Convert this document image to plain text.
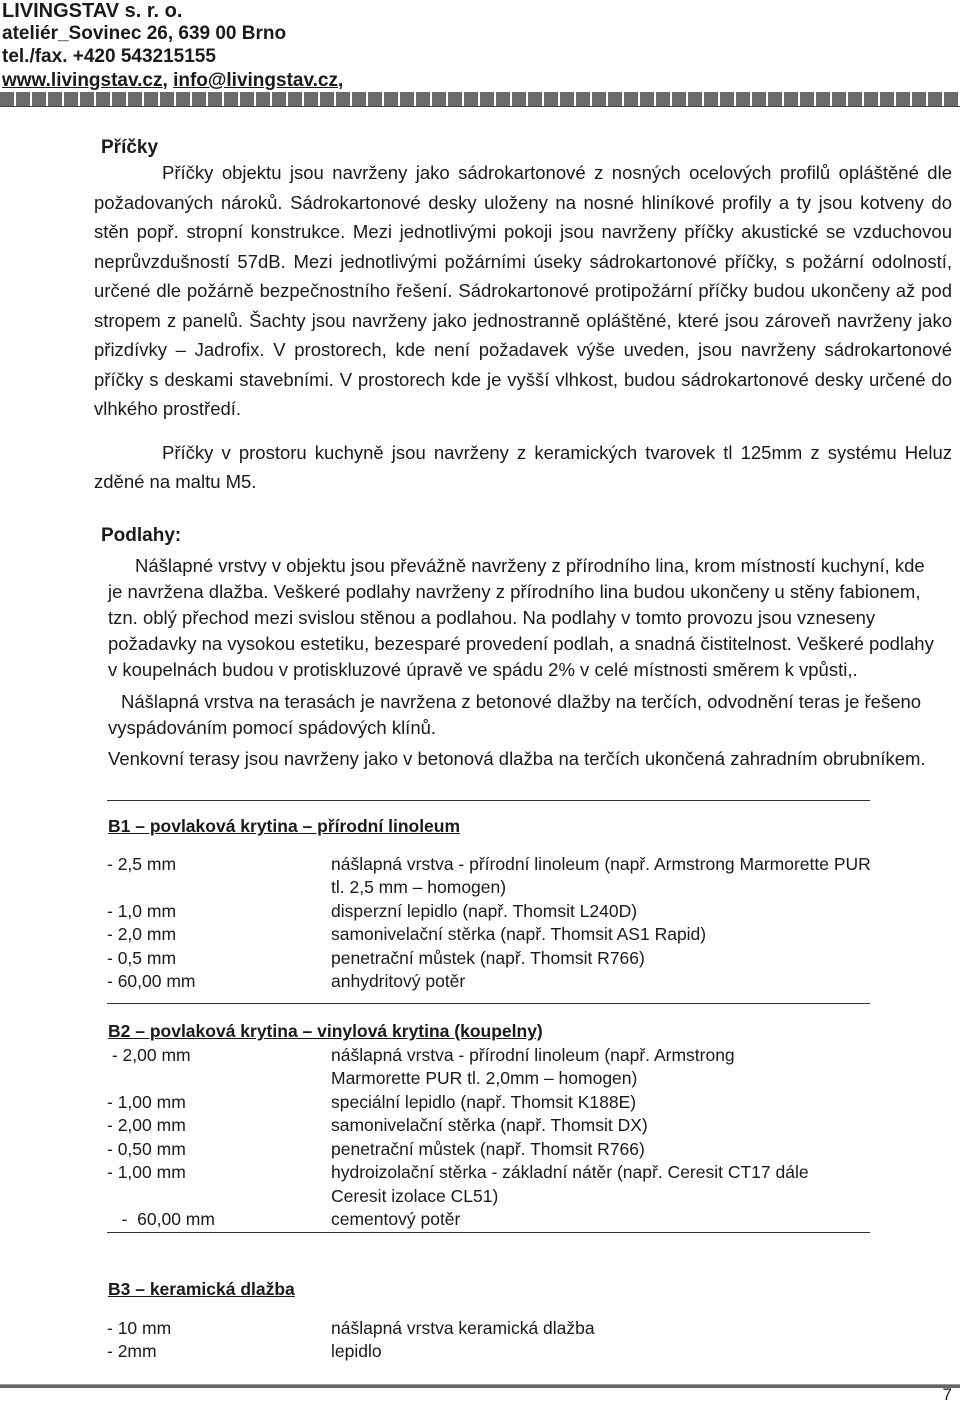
LIVINGSTAV s. r. o.
ateliér_Sovinec 26, 639 00 Brno
tel./fax. +420 543215155
www.livingstav.cz, info@livingstav.cz,
Příčky

Příčky objektu jsou navrženy jako sádrokartonové z nosných ocelových profilů opláštěné dle požadovaných nároků. Sádrokartonové desky uloženy na nosné hliníkové profily a ty jsou kotveny do stěn popř. stropní konstrukce. Mezi jednotlivými pokoji jsou navrženy příčky akustické se vzduchovou neprůvzdušností 57dB. Mezi jednotlivými požárními úseky sádrokartonové příčky, s požární odolností, určené dle požárně bezpečnostního řešení. Sádrokartonové protipožární příčky budou ukončeny až pod stropem z panelů. Šachty jsou navrženy jako jednostranně opláštěné, které jsou zároveň navrženy jako přizdívky – Jadrofix. V prostorech, kde není požadavek výše uveden, jsou navrženy sádrokartonové příčky s deskami stavebními. V prostorech kde je vyšší vlhkost, budou sádrokartonové desky určené do vlhkého prostředí.

Příčky v prostoru kuchyně jsou navrženy z keramických tvarovek tl 125mm z systému Heluz zděné na maltu M5.

Podlahy:

Nášlapné vrstvy v objektu jsou převážně navrženy z přírodního lina, krom místností kuchyní, kde je navržena dlažba. Veškeré podlahy navrženy z přírodního lina budou ukončeny u stěny fabionem, tzn. oblý přechod mezi svislou stěnou a podlahou. Na podlahy v tomto provozu jsou vzneseny požadavky na vysokou estetiku, bezesparé provedení podlah, a snadná čistitelnost. Veškeré podlahy v koupelnách budou v protiskluzové úpravě ve spádu 2% v celé místnosti směrem k vpůsti,.

Nášlapná vrstva na terasách je navržena z betonové dlažby na terčích, odvodnění teras je řešeno vyspádováním pomocí spádových klínů.

Venkovní terasy jsou navrženy jako v betonová dlažba na terčích ukončená zahradním obrubníkem.

B1 – povlaková krytina – přírodní linoleum
- 2,5 mm	nášlapná vrstva - přírodní linoleum (např. Armstrong Marmorette PUR
tl. 2,5 mm – homogen)
- 1,0 mm	disperzní lepidlo (např. Thomsit L240D)
- 2,0 mm	samonivelační stěrka (např. Thomsit AS1 Rapid)
- 0,5 mm	penetrační můstek (např. Thomsit R766)
- 60,00 mm	anhydritový potěr
B2 – povlaková krytina – vinylová krytina (koupelny)
- 2,00 mm	nášlapná vrstva - přírodní linoleum (např. Armstrong
Marmorette PUR tl. 2,0mm – homogen)
- 1,00 mm	speciální lepidlo (např. Thomsit K188E)
- 2,00 mm	samonivelační stěrka (např. Thomsit DX)
- 0,50 mm	penetrační můstek (např. Thomsit R766)
- 1,00 mm	hydroizolační stěrka - základní nátěr (např. Ceresit CT17 dále
Ceresit izolace CL51)
-  60,00 mm	cementový potěr
B3 – keramická dlažba
- 10 mm	nášlapná vrstva keramická dlažba
- 2mm	lepidlo
7
